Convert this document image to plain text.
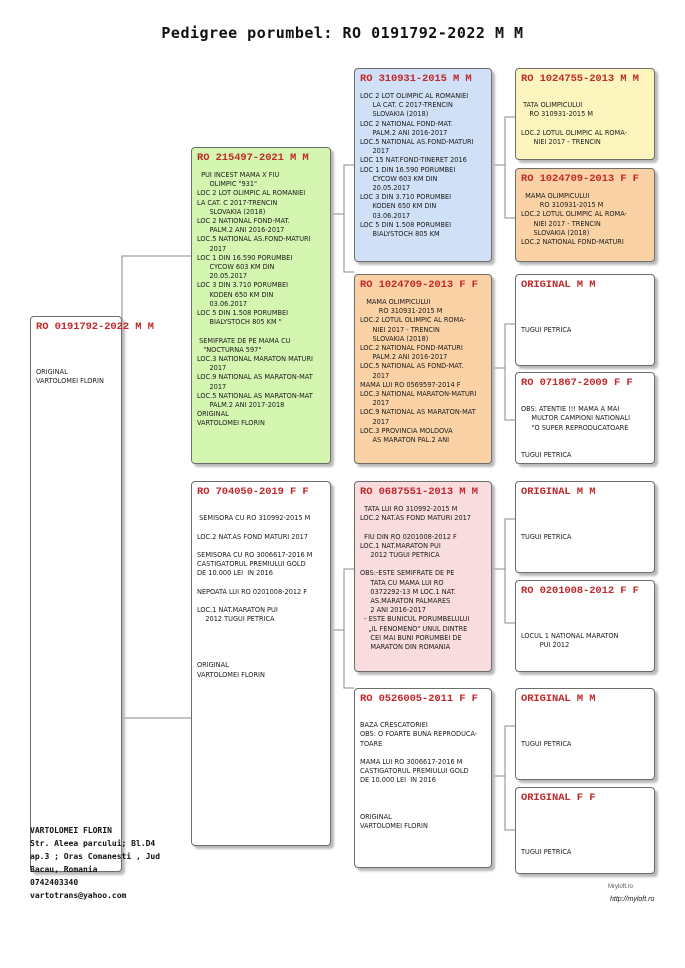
Pedigree porumbel: RO 0191792-2022 M M
RO 0191792-2022 M M

ORIGINAL
VARTOLOMEI FLORIN
RO 215497-2021 M M
PUI INCEST MAMA X FIU
OLIMPIC "931"
LOC 2 LOT OLIMPIC AL ROMANIEI
LA CAT. C 2017-TRENCIN
SLOVAKIA (2018)
LOC 2 NATIONAL FOND-MAT.
PALM.2 ANI 2016-2017
LOC.5 NATIONAL AS.FOND-MATURI
2017
LOC 1 DIN 16.590 PORUMBEI
CYCOW 603 KM DIN
20.05.2017
LOC 3 DIN 3.710 PORUMBEI
KODEN 650 KM DIN
03.06.2017
LOC 5 DIN 1.508 PORUMBEI
BIALYSTOCH 805 KM "

SEMIFRATE DE PE MAMA CU
"NOCTURNA 597"
LOC.3 NATIONAL MARATON MATURI
2017
LOC.9 NATIONAL AS MARATON-MAT
2017
LOC.5 NATIONAL AS MARATON-MAT
PALM.2 ANI 2017-2018
ORIGINAL
VARTOLOMEI FLORIN
RO 704050-2019 F F

SEMISORA CU RO 310992-2015 M

LOC.2 NAT.AS FOND MATURI 2017

SEMISORA CU RO 3006617-2016 M
CASTIGATORUL PREMIULUI GOLD
DE 10.000 LEI  IN 2016

NEPOATA LUI RO 0201008-2012 F

LOC.1 NAT.MARATON PUI
2012 TUGUI PETRICA

ORIGINAL
VARTOLOMEI FLORIN
RO 310931-2015 M M
LOC 2 LOT OLIMPIC AL ROMANIEI
LA CAT. C 2017-TRENCIN
SLOVAKIA (2018)
LOC 2 NATIONAL FOND-MAT.
PALM.2 ANI 2016-2017
LOC.5 NATIONAL AS.FOND-MATURI
2017
LOC 15 NAT.FOND-TINERET 2016
LOC 1 DIN 16.590 PORUMBEI
CYCOW 603 KM DIN
20.05.2017
LOC 3 DIN 3.710 PORUMBEI
KODEN 650 KM DIN
03.06.2017
LOC 5 DIN 1.508 PORUMBEI
BIALYSTOCH 805 KM
RO 1024709-2013 F F
MAMA OLIMPICULUI
RO 310931-2015 M
LOC.2 LOTUL OLIMPIC AL ROMA-
NIEI 2017 - TRENCIN
SLOVAKIA (2018)
LOC.2 NATIONAL FOND-MATURI
PALM.2 ANI 2016-2017
LOC.5 NATIONAL AS FOND-MAT.
2017
MAMA LUI RO 0569597-2014 F
LOC.3 NATIONAL MARATON-MATURI
2017
LOC.9 NATIONAL AS MARATON-MAT
2017
LOC.3 PROVINCIA MOLDOVA
AS MARATON PAL.2 ANI
RO 0687551-2013 M M
TATA LUI RO 310992-2015 M
LOC.2 NAT.AS FOND MATURI 2017

FIU DIN RO 0201008-2012 F
LOC.1 NAT.MARATON PUI
2012 TUGUI PETRICA

OBS:-ESTE SEMIFRATE DE PE
TATA CU MAMA LUI RO
0372292-13 M LOC.1 NAT.
AS.MARATON PALMARES
2 ANI 2016-2017
- ESTE BUNICUL PORUMBELULUI
„IL FENOMENO" UNUL DINTRE
CEI MAI BUNI PORUMBEI DE
MARATON DIN ROMANIA
RO 0526005-2011 F F

BAZA CRESCATORIEI
OBS: O FOARTE BUNA REPRODUCA-
TOARE

MAMA LUI RO 3006617-2016 M
CASTIGATORUL PREMIULUI GOLD
DE 10.000 LEI  IN 2016

ORIGINAL
VARTOLOMEI FLORIN
RO 1024755-2013 M M

TATA OLIMPICULUI
RO 310931-2015 M

LOC.2 LOTUL OLIMPIC AL ROMA-
NIEI 2017 - TRENCIN
RO 1024709-2013 F F
MAMA OLIMPICULUI
RO 310931-2015 M
LOC.2 LOTUL OLIMPIC AL ROMA-
NIEI 2017 - TRENCIN
SLOVAKIA (2018)
LOC.2 NATIONAL FOND-MATURI
ORIGINAL M M

TUGUI PETRICA
RO 071867-2009 F F

OBS: ATENTIE !!! MAMA A MAI
MULTOR CAMPIONI NATIONALI
"O SUPER REPRODUCATOARE

TUGUI PETRICA
ORIGINAL M M

TUGUI PETRICA
RO 0201008-2012 F F

LOCUL 1 NATIONAL MARATON
PUI 2012
ORIGINAL M M

TUGUI PETRICA
ORIGINAL F F

TUGUI PETRICA
VARTOLOMEI FLORIN
Str. Aleea parcului; Bl.D4
ap.3 ; Oras Comanesti , Jud
Bacau, Romania
0742403340
vartotrans@yahoo.com
Mryloft.ro
http://myloft.ro
